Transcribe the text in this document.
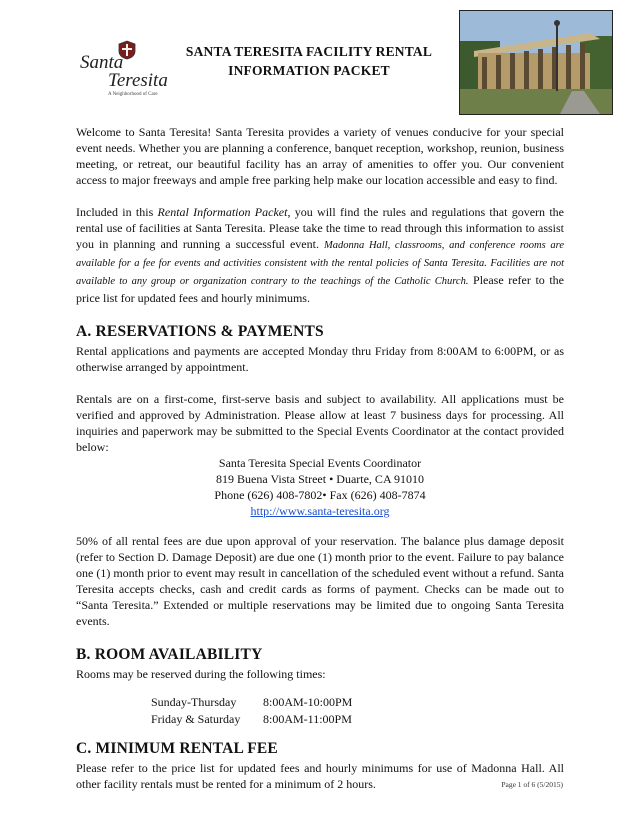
Santa
Teresita
A Neighborhood of Care
SANTA TERESITA FACILITY RENTAL
INFORMATION PACKET

Welcome to Santa Teresita! Santa Teresita provides a variety of venues conducive for your special event needs. Whether you are planning a conference, banquet reception, workshop, reunion, business meeting, or retreat, our beautiful facility has an array of amenities to offer you. Our convenient access to major freeways and ample free parking help make our location accessible and easy to find.

Included in this Rental Information Packet, you will find the rules and regulations that govern the rental use of facilities at Santa Teresita. Please take the time to read through this information to assist you in planning and running a successful event. Madonna Hall, classrooms, and conference rooms are available for a fee for events and activities consistent with the rental policies of Santa Teresita. Facilities are not available to any group or organization contrary to the teachings of the Catholic Church. Please refer to the price list for updated fees and hourly minimums.

A. RESERVATIONS & PAYMENTS

Rental applications and payments are accepted Monday thru Friday from 8:00AM to 6:00PM, or as otherwise arranged by appointment.

Rentals are on a first-come, first-serve basis and subject to availability. All applications must be verified and approved by Administration. Please allow at least 7 business days for processing. All inquiries and paperwork may be submitted to the Special Events Coordinator at the contact provided below:

Santa Teresita Special Events Coordinator
819 Buena Vista Street • Duarte, CA 91010
Phone (626) 408-7802• Fax (626) 408-7874
http://www.santa-teresita.org

50% of all rental fees are due upon approval of your reservation. The balance plus damage deposit (refer to Section D. Damage Deposit) are due one (1) month prior to the event. Failure to pay balance one (1) month prior to event may result in cancellation of the scheduled event without a refund. Santa Teresita accepts checks, cash and credit cards as forms of payment. Checks can be made out to “Santa Teresita.” Extended or multiple reservations may be limited due to ongoing Santa Teresita events.

B. ROOM AVAILABILITY
Rooms may be reserved during the following times:
Sunday-Thursday	8:00AM-10:00PM
Friday & Saturday	8:00AM-11:00PM
C. MINIMUM RENTAL FEE

Please refer to the price list for updated fees and hourly minimums for use of Madonna Hall. All other facility rentals must be rented for a minimum of 2 hours.	Page 1 of 6 (5/2015)
